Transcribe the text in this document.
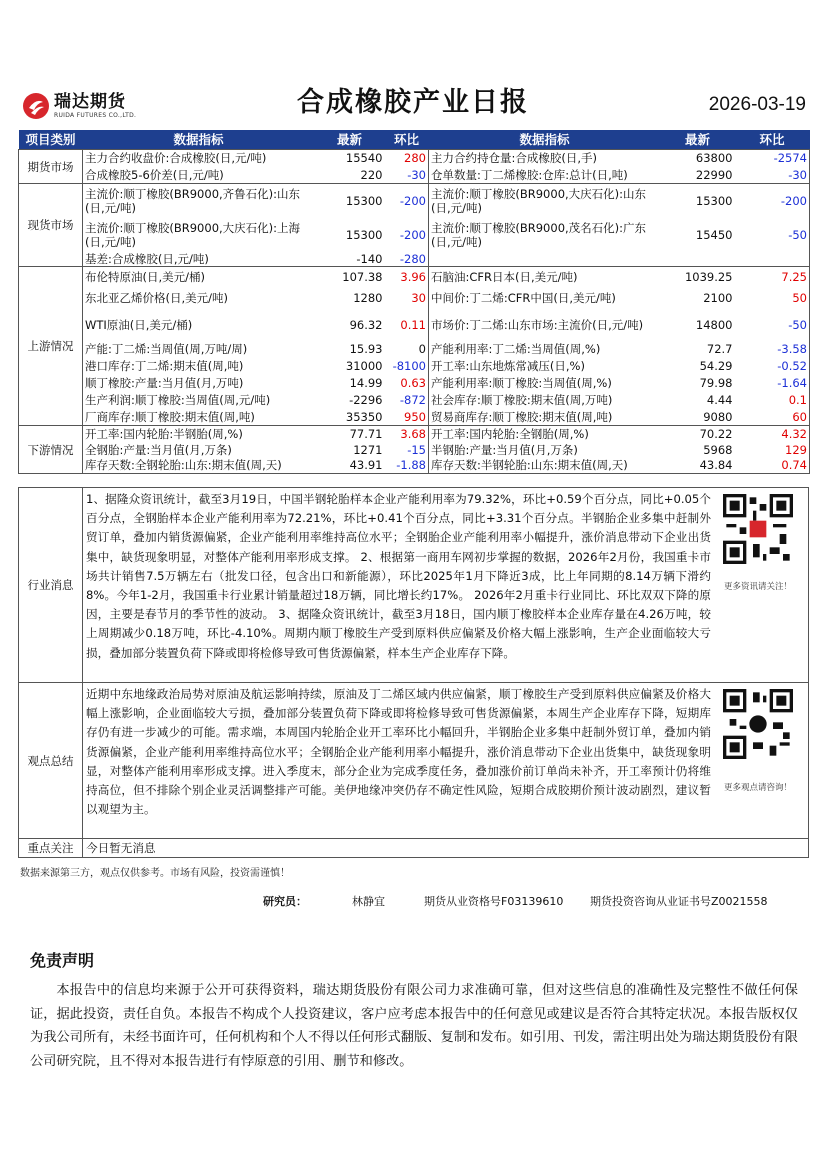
瑞达期货
RUIDA FUTURES CO.,LTD.	合成橡胶产业日报	2026-03-19
项目类别	数据指标	最新	环比	数据指标	最新	环比
期货市场	主力合约收盘价:合成橡胶(日,元/吨)	15540	280	主力合约持仓量:合成橡胶(日,手)	63800	-2574
	合成橡胶5-6价差(日,元/吨)	220	-30	仓单数量:丁二烯橡胶:仓库:总计(日,吨)	22990	-30
现货市场	主流价:顺丁橡胶(BR9000,齐鲁石化):山东(日,元/吨)	15300	-200	主流价:顺丁橡胶(BR9000,大庆石化):山东(日,元/吨)	15300	-200
	主流价:顺丁橡胶(BR9000,大庆石化):上海(日,元/吨)	15300	-200	主流价:顺丁橡胶(BR9000,茂名石化):广东(日,元/吨)	15450	-50
	基差:合成橡胶(日,元/吨)	-140	-280			
上游情况	布伦特原油(日,美元/桶)	107.38	3.96	石脑油:CFR日本(日,美元/吨)	1039.25	7.25
	东北亚乙烯价格(日,美元/吨)	1280	30	中间价:丁二烯:CFR中国(日,美元/吨)	2100	50
	WTI原油(日,美元/桶)	96.32	0.11	市场价:丁二烯:山东市场:主流价(日,元/吨)	14800	-50
	产能:丁二烯:当周值(周,万吨/周)	15.93	0	产能利用率:丁二烯:当周值(周,%)	72.7	-3.58
	港口库存:丁二烯:期末值(周,吨)	31000	-8100	开工率:山东地炼常减压(日,%)	54.29	-0.52
	顺丁橡胶:产量:当月值(月,万吨)	14.99	0.63	产能利用率:顺丁橡胶:当周值(周,%)	79.98	-1.64
	生产利润:顺丁橡胶:当周值(周,元/吨)	-2296	-872	社会库存:顺丁橡胶:期末值(周,万吨)	4.44	0.1
	厂商库存:顺丁橡胶:期末值(周,吨)	35350	950	贸易商库存:顺丁橡胶:期末值(周,吨)	9080	60
下游情况	开工率:国内轮胎:半钢胎(周,%)	77.71	3.68	开工率:国内轮胎:全钢胎(周,%)	70.22	4.32
	全钢胎:产量:当月值(月,万条)	1271	-15	半钢胎:产量:当月值(月,万条)	5968	129
	库存天数:全钢轮胎:山东:期末值(周,天)	43.91	-1.88	库存天数:半钢轮胎:山东:期末值(周,天)	43.84	0.74
行业消息
1、据隆众资讯统计，截至3月19日，中国半钢轮胎样本企业产能利用率为79.32%，环比+0.59个百分点，同比+0.05个百分点，全钢胎样本企业产能利用率为72.21%，环比+0.41个百分点，同比+3.31个百分点。半钢胎企业多集中赶制外贸订单，叠加内销货源偏紧，企业产能利用率维持高位水平；全钢胎企业产能利用率小幅提升，涨价消息带动下企业出货集中，缺货现象明显，对整体产能利用率形成支撑。 2、根据第一商用车网初步掌握的数据，2026年2月份，我国重卡市场共计销售7.5万辆左右（批发口径，包含出口和新能源），环比2025年1月下降近3成，比上年同期的8.14万辆下滑约8%。今年1-2月，我国重卡行业累计销量超过18万辆，同比增长约17%。 2026年2月重卡行业同比、环比双双下降的原因，主要是春节月的季节性的波动。 3、据隆众资讯统计，截至3月18日，国内顺丁橡胶样本企业库存量在4.26万吨，较上周期减少0.18万吨，环比-4.10%。周期内顺丁橡胶生产受到原料供应偏紧及价格大幅上涨影响，生产企业面临较大亏损，叠加部分装置负荷下降或即将检修导致可售货源偏紧，样本生产企业库存下降。
更多资讯请关注！
观点总结
近期中东地缘政治局势对原油及航运影响持续，原油及丁二烯区域内供应偏紧，顺丁橡胶生产受到原料供应偏紧及价格大幅上涨影响，企业面临较大亏损，叠加部分装置负荷下降或即将检修导致可售货源偏紧，本周生产企业库存下降，短期库存仍有进一步减少的可能。需求端，本周国内轮胎企业开工率环比小幅回升，半钢胎企业多集中赶制外贸订单，叠加内销货源偏紧，企业产能利用率维持高位水平；全钢胎企业产能利用率小幅提升，涨价消息带动下企业出货集中，缺货现象明显，对整体产能利用率形成支撑。进入季度末，部分企业为完成季度任务，叠加涨价前订单尚未补齐，开工率预计仍将维持高位，但不排除个别企业灵活调整排产可能。美伊地缘冲突仍存不确定性风险，短期合成胶期价预计波动剧烈，建议暂以观望为主。
更多观点请咨询！
重点关注	今日暂无消息
数据来源第三方，观点仅供参考。市场有风险，投资需谨慎！
研究员：	林静宜	期货从业资格号F03139610 期货投资咨询从业证书号Z0021558
免责声明
本报告中的信息均来源于公开可获得资料，瑞达期货股份有限公司力求准确可靠，但对这些信息的准确性及完整性不做任何保证，据此投资，责任自负。本报告不构成个人投资建议，客户应考虑本报告中的任何意见或建议是否符合其特定状况。本报告版权仅为我公司所有，未经书面许可，任何机构和个人不得以任何形式翻版、复制和发布。如引用、刊发，需注明出处为瑞达期货股份有限公司研究院，且不得对本报告进行有悖原意的引用、删节和修改。
